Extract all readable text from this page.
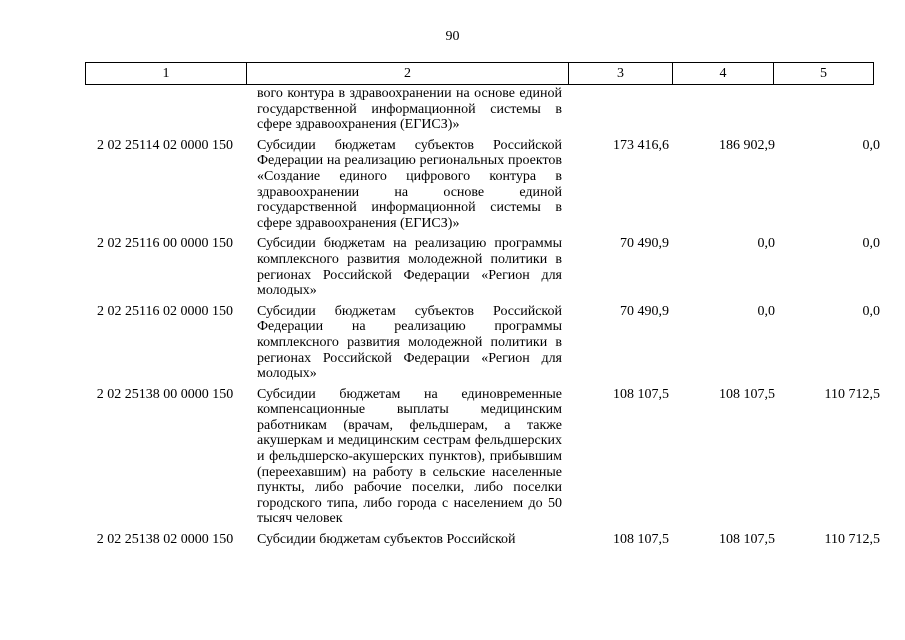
90
1	2	3	4	5
	вого контура в здравоохранении на основе единой государственной информационной системы в сфере здравоохранения (ЕГИСЗ)»			
2 02 25114 02 0000 150	Субсидии бюджетам субъектов Российской Федерации на реализацию региональных проектов «Создание единого цифрового контура в здравоохранении на основе единой государственной информационной системы в сфере здравоохранения (ЕГИСЗ)»	173 416,6	186 902,9	0,0
2 02 25116 00 0000 150	Субсидии бюджетам на реализацию программы комплексного развития молодежной политики в регионах Российской Федерации «Регион для молодых»	70 490,9	0,0	0,0
2 02 25116 02 0000 150	Субсидии бюджетам субъектов Российской Федерации на реализацию программы комплексного развития молодежной политики в регионах Российской Федерации «Регион для молодых»	70 490,9	0,0	0,0
2 02 25138 00 0000 150	Субсидии бюджетам на единовременные компенсационные выплаты медицинским работникам (врачам, фельдшерам, а также акушеркам и медицинским сестрам фельдшерских и фельдшерско-акушерских пунктов), прибывшим (переехавшим) на работу в сельские населенные пункты, либо рабочие поселки, либо поселки городского типа, либо города с населением до 50 тысяч человек	108 107,5	108 107,5	110 712,5
2 02 25138 02 0000 150	Субсидии бюджетам субъектов Российской	108 107,5	108 107,5	110 712,5
